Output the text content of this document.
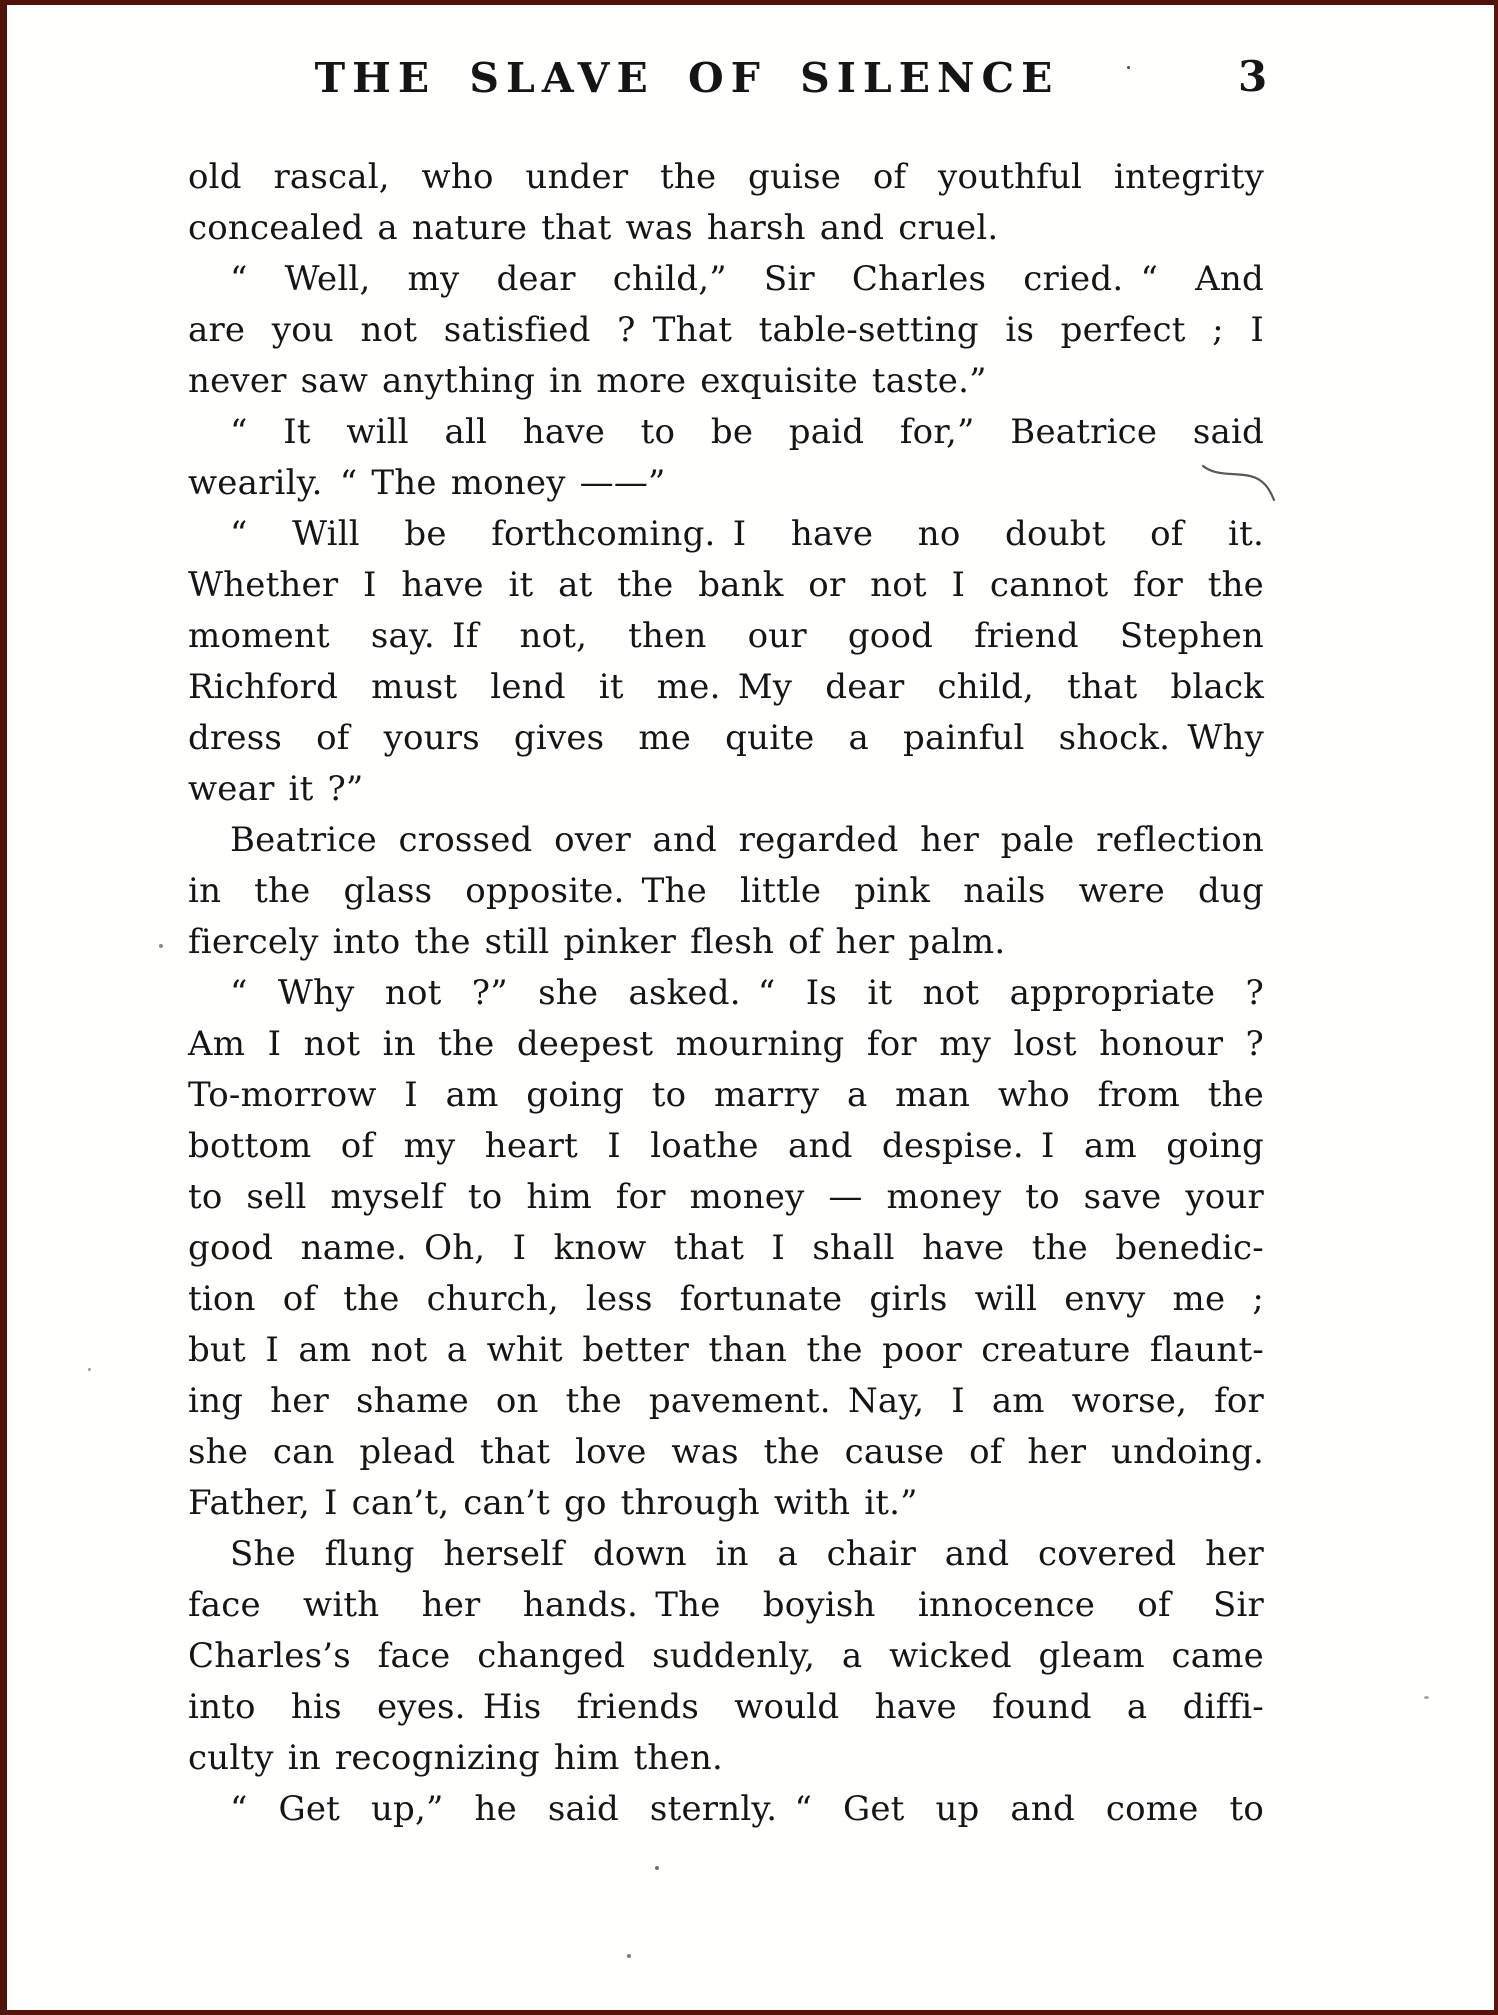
THE SLAVE OF SILENCE	3
old rascal, who under the guise of youthful integrity
concealed a nature that was harsh and cruel.
“ Well, my dear child,” Sir Charles cried. “ And
are you not satisfied ? That table-setting is perfect ; I
never saw anything in more exquisite taste.”
“ It will all have to be paid for,” Beatrice said
wearily. “ The money ——”
“ Will be forthcoming. I have no doubt of it.
Whether I have it at the bank or not I cannot for the
moment say. If not, then our good friend Stephen
Richford must lend it me. My dear child, that black
dress of yours gives me quite a painful shock. Why
wear it ?”
Beatrice crossed over and regarded her pale reflection
in the glass opposite. The little pink nails were dug
fiercely into the still pinker flesh of her palm.
“ Why not ?” she asked. “ Is it not appropriate ?
Am I not in the deepest mourning for my lost honour ?
To-morrow I am going to marry a man who from the
bottom of my heart I loathe and despise. I am going
to sell myself to him for money — money to save your
good name. Oh, I know that I shall have the benedic-
tion of the church, less fortunate girls will envy me ;
but I am not a whit better than the poor creature flaunt-
ing her shame on the pavement. Nay, I am worse, for
she can plead that love was the cause of her undoing.
Father, I can’t, can’t go through with it.”
She flung herself down in a chair and covered her
face with her hands. The boyish innocence of Sir
Charles’s face changed suddenly, a wicked gleam came
into his eyes. His friends would have found a diffi-
culty in recognizing him then.
“ Get up,” he said sternly. “ Get up and come to
